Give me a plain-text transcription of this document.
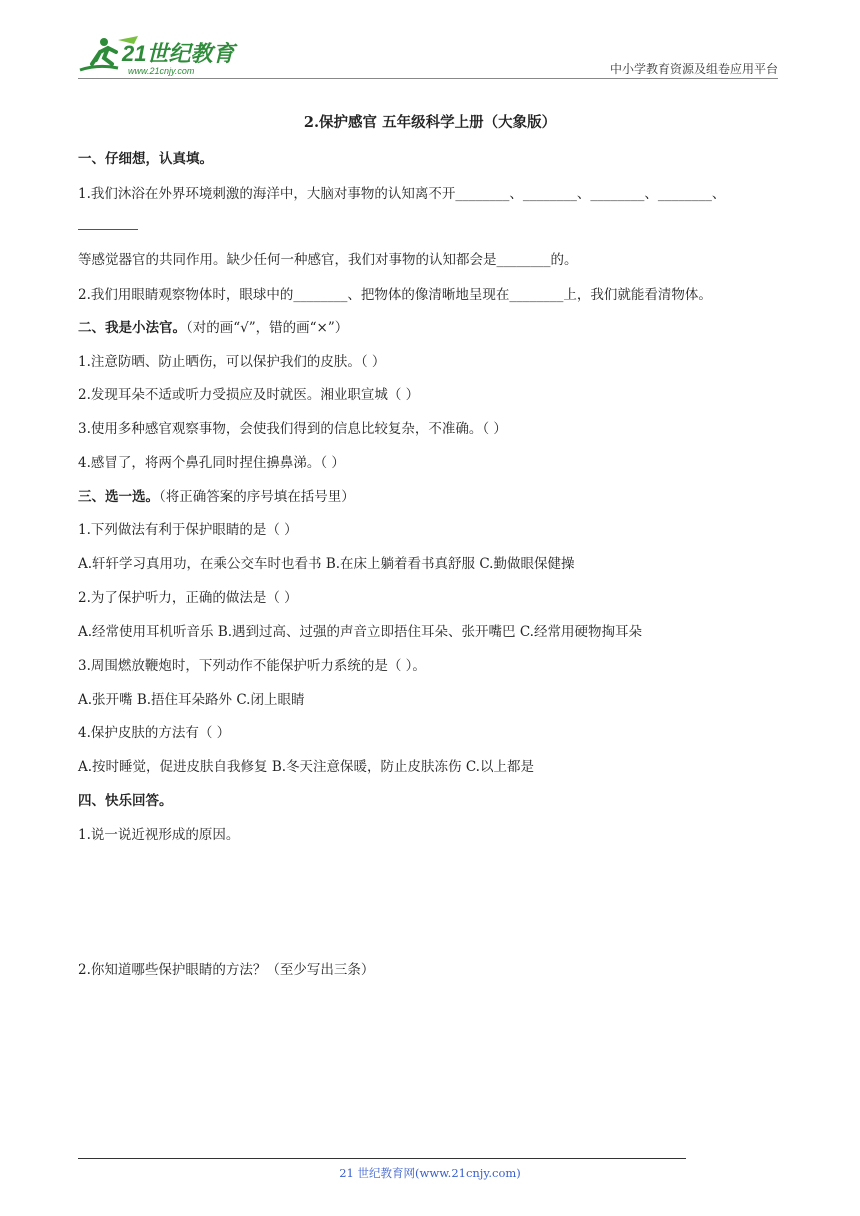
21世纪教育
www.21cnjy.com	中小学教育资源及组卷应用平台
2.保护感官 五年级科学上册（大象版）
一、仔细想，认真填。
1.我们沐浴在外界环境刺激的海洋中，大脑对事物的认知离不开________、________、________、________、
等感觉器官的共同作用。缺少任何一种感官，我们对事物的认知都会是________的。
2.我们用眼睛观察物体时，眼球中的________、把物体的像清晰地呈现在________上，我们就能看清物体。
二、我是小法官。（对的画“√”，错的画“×”）
1.注意防晒、防止晒伤，可以保护我们的皮肤。（ ）
2.发现耳朵不适或听力受损应及时就医。湘业职宣城（ ）
3.使用多种感官观察事物，会使我们得到的信息比较复杂，不准确。（ ）
4.感冒了，将两个鼻孔同时捏住擤鼻涕。（ ）
三、选一选。（将正确答案的序号填在括号里）
1.下列做法有利于保护眼睛的是（ ）
A.轩轩学习真用功，在乘公交车时也看书 B.在床上躺着看书真舒服 C.勤做眼保健操
2.为了保护听力，正确的做法是（ ）
A.经常使用耳机听音乐 B.遇到过高、过强的声音立即捂住耳朵、张开嘴巴 C.经常用硬物掏耳朵
3.周围燃放鞭炮时，下列动作不能保护听力系统的是（ ）。
A.张开嘴 B.捂住耳朵路外 C.闭上眼睛
4.保护皮肤的方法有（ ）
A.按时睡觉，促进皮肤自我修复 B.冬天注意保暖，防止皮肤冻伤 C.以上都是
四、快乐回答。
1.说一说近视形成的原因。
2.你知道哪些保护眼睛的方法？（至少写出三条）
21 世纪教育网(www.21cnjy.com)
